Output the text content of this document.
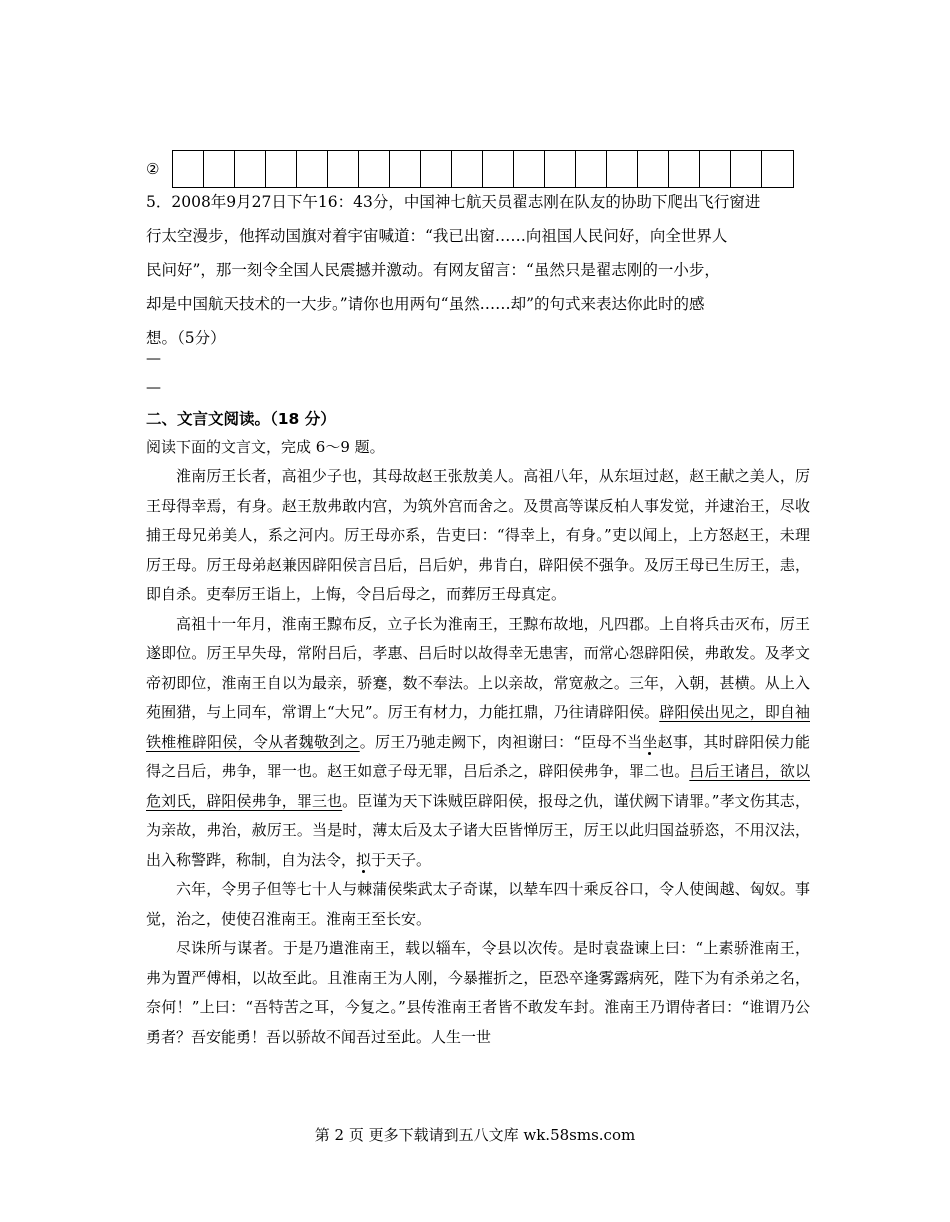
②

5．2008年9月27日下午16：43分，中国神七航天员翟志刚在队友的协助下爬出飞行窗进

行太空漫步，他挥动国旗对着宇宙喊道：“我已出窗……向祖国人民问好，向全世界人

民问好”，那一刻令全国人民震撼并激动。有网友留言：“虽然只是翟志刚的一小步，

却是中国航天技术的一大步。”请你也用两句“虽然……却”的句式来表达你此时的感

想。（5分）

—
—
二、文言文阅读。（18 分）
阅读下面的文言文，完成 6～9 题。

淮南厉王长者，高祖少子也，其母故赵王张敖美人。高祖八年，从东垣过赵，赵王献之美人，厉王母得幸焉，有身。赵王敖弗敢内宫，为筑外宫而舍之。及贯高等谋反柏人事发觉，并逮治王，尽收捕王母兄弟美人，系之河内。厉王母亦系，告吏曰：“得幸上，有身。”吏以闻上，上方怒赵王，未理厉王母。厉王母弟赵兼因辟阳侯言吕后，吕后妒，弗肯白，辟阳侯不强争。及厉王母已生厉王，恚，即自杀。吏奉厉王诣上，上悔，令吕后母之，而葬厉王母真定。

高祖十一年月，淮南王黥布反，立子长为淮南王，王黥布故地，凡四郡。上自将兵击灭布，厉王遂即位。厉王早失母，常附吕后，孝惠、吕后时以故得幸无患害，而常心怨辟阳侯，弗敢发。及孝文帝初即位，淮南王自以为最亲，骄蹇，数不奉法。上以亲故，常宽赦之。三年，入朝，甚横。从上入苑囿猎，与上同车，常谓上“大兄”。厉王有材力，力能扛鼎，乃往请辟阳侯。辟阳侯出见之，即自袖铁椎椎辟阳侯，令从者魏敬刭之。厉王乃驰走阙下，肉袒谢曰：“臣母不当坐赵事，其时辟阳侯力能得之吕后，弗争，罪一也。赵王如意子母无罪，吕后杀之，辟阳侯弗争，罪二也。吕后王诸吕，欲以危刘氏，辟阳侯弗争，罪三也。臣谨为天下诛贼臣辟阳侯，报母之仇，谨伏阙下请罪。”孝文伤其志，为亲故，弗治，赦厉王。当是时，薄太后及太子诸大臣皆惮厉王，厉王以此归国益骄恣，不用汉法，出入称警跸，称制，自为法令，拟于天子。

六年，令男子但等七十人与棘蒲侯柴武太子奇谋，以辇车四十乘反谷口，令人使闽越、匈奴。事觉，治之，使使召淮南王。淮南王至长安。

尽诛所与谋者。于是乃遣淮南王，载以辎车，令县以次传。是时袁盎谏上曰：“上素骄淮南王，弗为置严傅相，以故至此。且淮南王为人刚，今暴摧折之，臣恐卒逢雾露病死，陛下为有杀弟之名，奈何！”上曰：“吾特苦之耳，今复之。”县传淮南王者皆不敢发车封。淮南王乃谓侍者曰：“谁谓乃公勇者？吾安能勇！吾以骄故不闻吾过至此。人生一世

第 2 页 更多下载请到五八文库 wk.58sms.com
